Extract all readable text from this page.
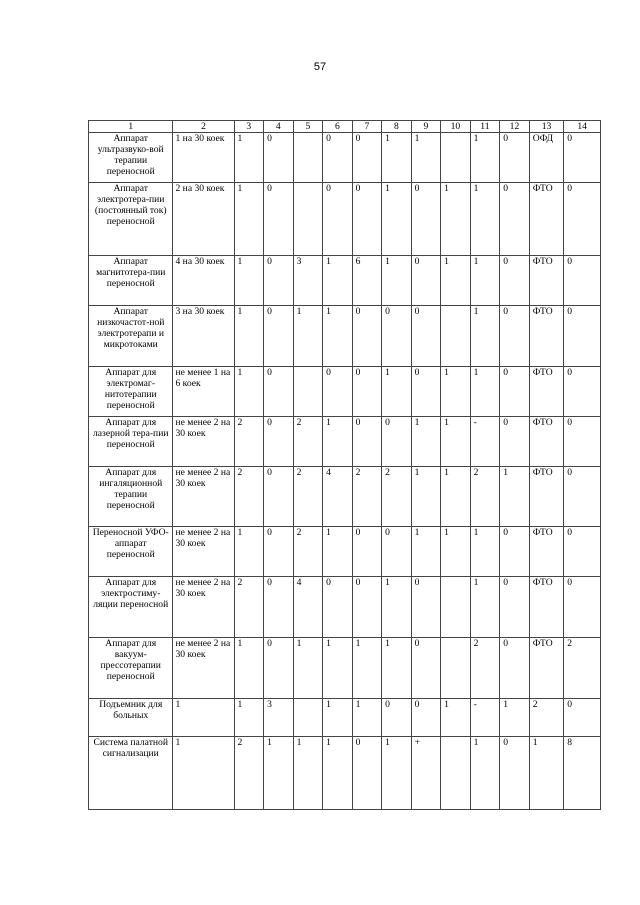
57
1	2	3	4	5	6	7	8	9	10	11	12	13	14
Аппарат ультразвуко-вой терапии переносной	1 на 30 коек	1	0		0	0	1	1		1	0	ОФД	0
Аппарат электротера-пии (постоянный ток) переносной	2 на 30 коек	1	0		0	0	1	0	1	1	0	ФТО	0
Аппарат магнитотера-пии переносной	4 на 30 коек	1	0	3	1	6	1	0	1	1	0	ФТО	0
Аппарат низкочастот-ной электротерапи и микротоками	3 на 30 коек	1	0	1	1	0	0	0		1	0	ФТО	0
Аппарат для электромаг-нитотерапии переносной	не менее 1 на 6 коек	1	0		0	0	1	0	1	1	0	ФТО	0
Аппарат для лазерной тера-пии переносной	не менее 2 на 30 коек	2	0	2	1	0	0	1	1	-	0	ФТО	0
Аппарат для ингаляционной терапии переносной	не менее 2 на 30 коек	2	0	2	4	2	2	1	1	2	1	ФТО	0
Переносной УФО-аппарат переносной	не менее 2 на 30 коек	1	0	2	1	0	0	1	1	1	0	ФТО	0
Аппарат для электростиму-ляции переносной	не менее 2 на 30 коек	2	0	4	0	0	1	0		1	0	ФТО	0
Аппарат для вакуум-прессотерапии переносной	не менее 2 на 30 коек	1	0	1	1	1	1	0		2	0	ФТО	2
Подъемник для больных	1	1	3		1	1	0	0	1	-	1	2	0
Система палатной сигнализации	1	2	1	1	1	0	1	+		1	0	1	8
